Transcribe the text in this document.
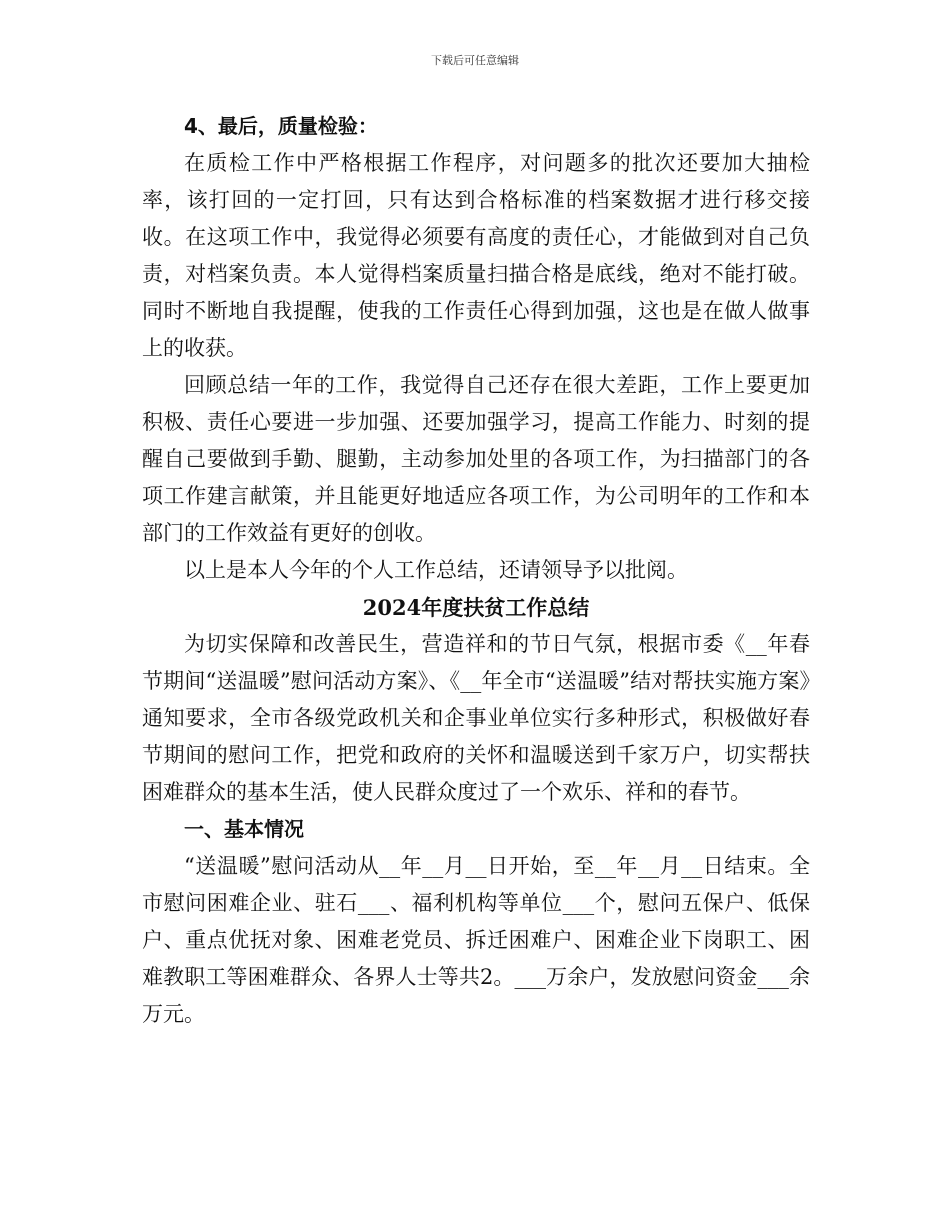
下载后可任意编辑

4、最后，质量检验：

在质检工作中严格根据工作程序，对问题多的批次还要加大抽检率，该打回的一定打回，只有达到合格标准的档案数据才进行移交接收。在这项工作中，我觉得必须要有高度的责任心，才能做到对自己负责，对档案负责。本人觉得档案质量扫描合格是底线，绝对不能打破。同时不断地自我提醒，使我的工作责任心得到加强，这也是在做人做事上的收获。

回顾总结一年的工作，我觉得自己还存在很大差距，工作上要更加积极、责任心要进一步加强、还要加强学习，提高工作能力、时刻的提醒自己要做到手勤、腿勤，主动参加处里的各项工作，为扫描部门的各项工作建言献策，并且能更好地适应各项工作，为公司明年的工作和本部门的工作效益有更好的创收。

以上是本人今年的个人工作总结，还请领导予以批阅。

2024年度扶贫工作总结

为切实保障和改善民生，营造祥和的节日气氛，根据市委《__年春节期间“送温暖”慰问活动方案》、《__年全市“送温暖”结对帮扶实施方案》通知要求，全市各级党政机关和企事业单位实行多种形式，积极做好春节期间的慰问工作，把党和政府的关怀和温暖送到千家万户，切实帮扶困难群众的基本生活，使人民群众度过了一个欢乐、祥和的春节。

一、基本情况

“送温暖”慰问活动从__年__月__日开始，至__年__月__日结束。全市慰问困难企业、驻石___、福利机构等单位___个，慰问五保户、低保户、重点优抚对象、困难老党员、拆迁困难户、困难企业下岗职工、困难教职工等困难群众、各界人士等共2。___万余户，发放慰问资金___余万元。
